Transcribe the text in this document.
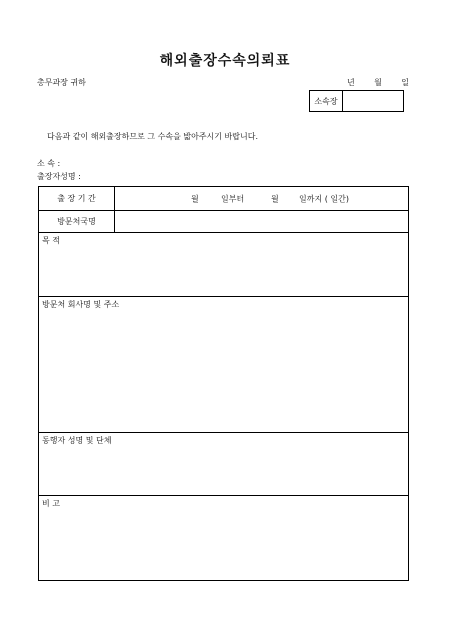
해외출장수속의뢰표
총무과장 귀하	년 월 일
소속장
다음과 같이 해외출장하므로 그 수속을 밟아주시기 바랍니다.
소 속 :
출장자성명 :
출 장 기 간	월	일부터	월	일까지 ( 일간)
방문처국명
목 적
방문처 회사명 및 주소
동행자 성명 및 단체
비 고
